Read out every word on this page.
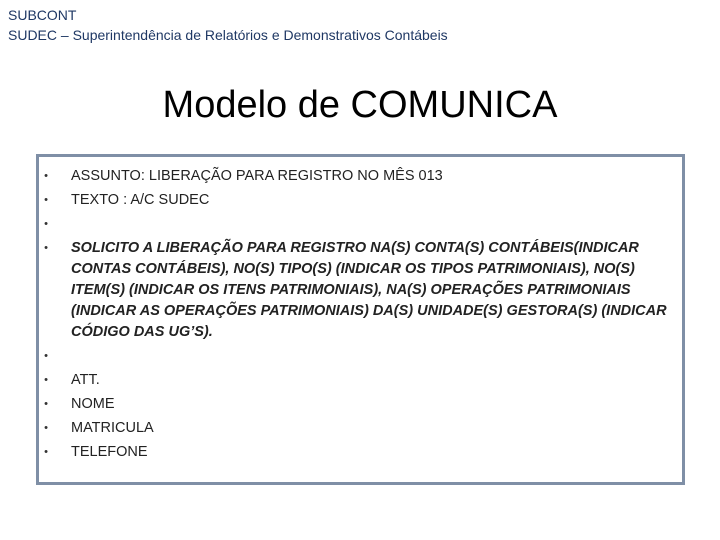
SUBCONT
SUDEC – Superintendência de Relatórios e Demonstrativos Contábeis
Modelo de COMUNICA
• ASSUNTO: LIBERAÇÃO PARA REGISTRO NO MÊS 013
• TEXTO : A/C SUDEC
•
• SOLICITO A LIBERAÇÃO PARA REGISTRO NA(S) CONTA(S) CONTÁBEIS(INDICAR CONTAS CONTÁBEIS), NO(S) TIPO(S) (INDICAR OS TIPOS PATRIMONIAIS), NO(S) ITEM(S) (INDICAR OS ITENS PATRIMONIAIS), NA(S) OPERAÇÕES PATRIMONIAIS (INDICAR AS OPERAÇÕES PATRIMONIAIS) DA(S) UNIDADE(S) GESTORA(S) (INDICAR CÓDIGO DAS UG’S).
•
• ATT.
• NOME
• MATRICULA
• TELEFONE
